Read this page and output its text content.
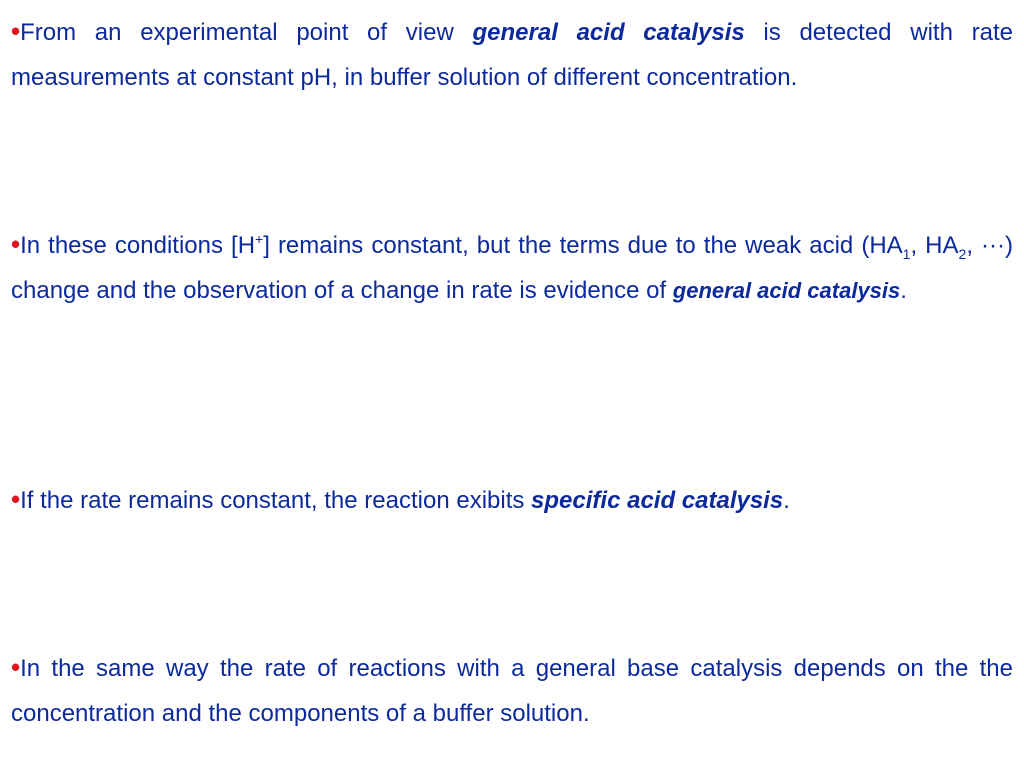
•From an experimental point of view general acid catalysis is detected with rate measurements at constant pH, in buffer solution of different concentration.

•In these conditions [H+] remains constant, but the terms due to the weak acid ($HA_1$, $HA_2$, ···) change and the observation of a change in rate is evidence of general acid catalysis.

•If the rate remains constant, the reaction exibits specific acid catalysis.

•In the same way the rate of reactions with a general base catalysis depends on the the concentration and the components of a buffer solution.
